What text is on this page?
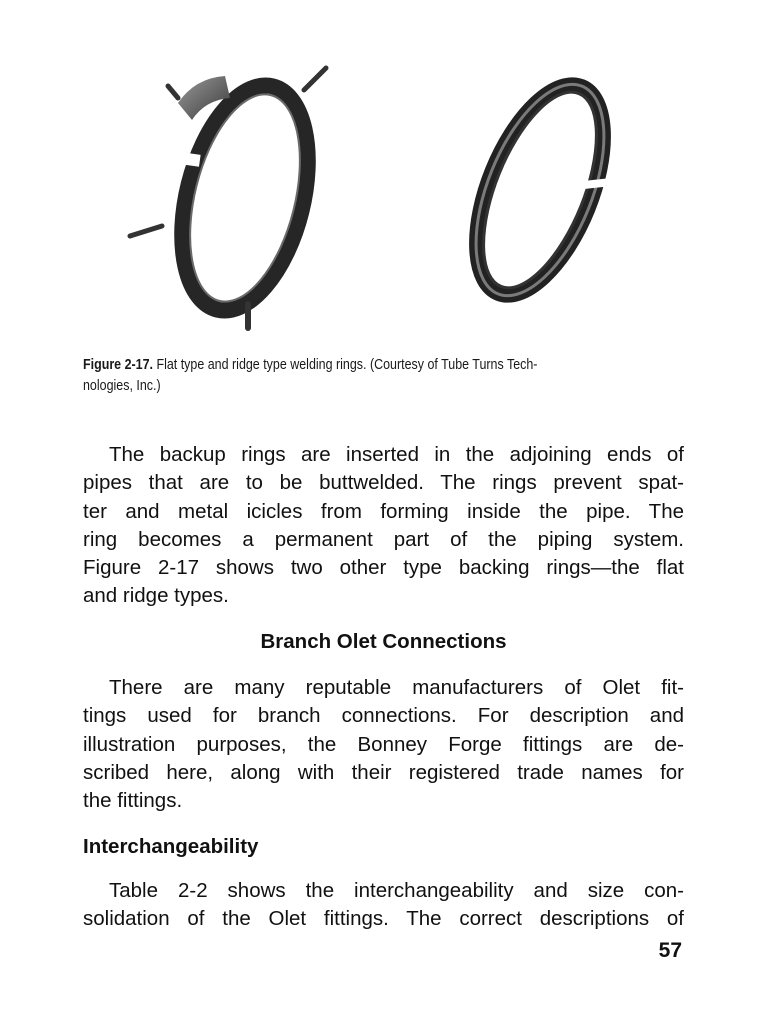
Figure 2-17. Flat type and ridge type welding rings. (Courtesy of Tube Turns Tech-
nologies, Inc.)
The backup rings are inserted in the adjoining ends of
pipes that are to be buttwelded. The rings prevent spat-
ter and metal icicles from forming inside the pipe. The
ring becomes a permanent part of the piping system.
Figure 2-17 shows two other type backing rings—the flat
and ridge types.
Branch Olet Connections
There are many reputable manufacturers of Olet fit-
tings used for branch connections. For description and
illustration purposes, the Bonney Forge fittings are de-
scribed here, along with their registered trade names for
the fittings.
Interchangeability
Table 2-2 shows the interchangeability and size con-
solidation of the Olet fittings. The correct descriptions of
57
